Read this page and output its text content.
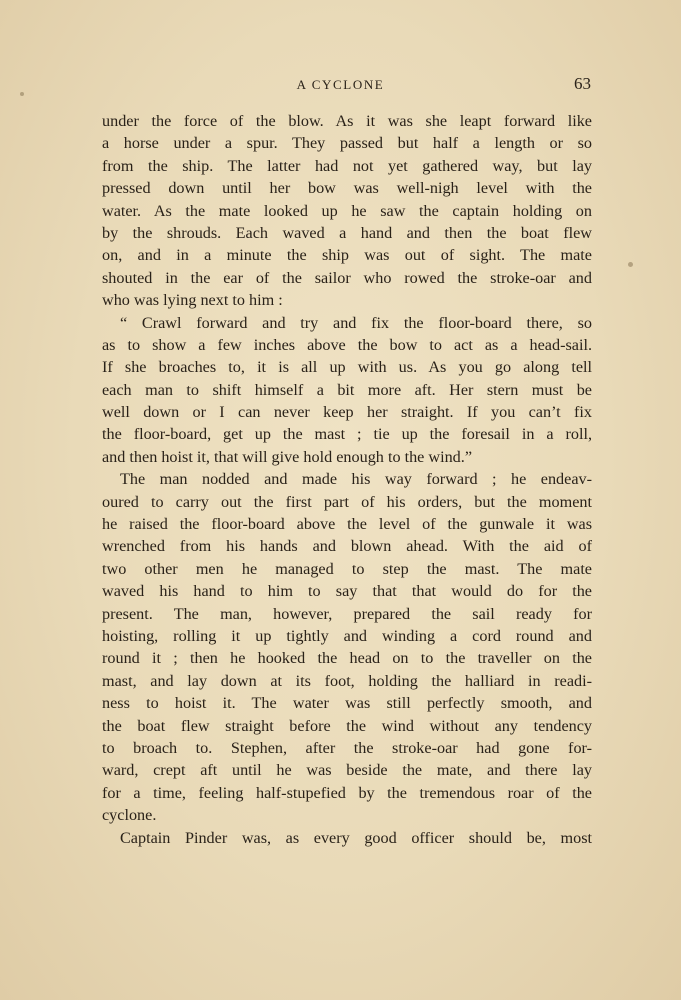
A CYCLONE	63
under the force of the blow. As it was she leapt forward like
a horse under a spur. They passed but half a length or so
from the ship. The latter had not yet gathered way, but lay
pressed down until her bow was well-nigh level with the
water. As the mate looked up he saw the captain holding on
by the shrouds. Each waved a hand and then the boat flew
on, and in a minute the ship was out of sight. The mate
shouted in the ear of the sailor who rowed the stroke-oar and
who was lying next to him :
“ Crawl forward and try and fix the floor-board there, so
as to show a few inches above the bow to act as a head-sail.
If she broaches to, it is all up with us. As you go along tell
each man to shift himself a bit more aft. Her stern must be
well down or I can never keep her straight. If you can’t fix
the floor-board, get up the mast ; tie up the foresail in a roll,
and then hoist it, that will give hold enough to the wind.”
The man nodded and made his way forward ; he endeav-
oured to carry out the first part of his orders, but the moment
he raised the floor-board above the level of the gunwale it was
wrenched from his hands and blown ahead. With the aid of
two other men he managed to step the mast. The mate
waved his hand to him to say that that would do for the
present. The man, however, prepared the sail ready for
hoisting, rolling it up tightly and winding a cord round and
round it ; then he hooked the head on to the traveller on the
mast, and lay down at its foot, holding the halliard in readi-
ness to hoist it. The water was still perfectly smooth, and
the boat flew straight before the wind without any tendency
to broach to. Stephen, after the stroke-oar had gone for-
ward, crept aft until he was beside the mate, and there lay
for a time, feeling half-stupefied by the tremendous roar of the
cyclone.
Captain Pinder was, as every good officer should be, most
